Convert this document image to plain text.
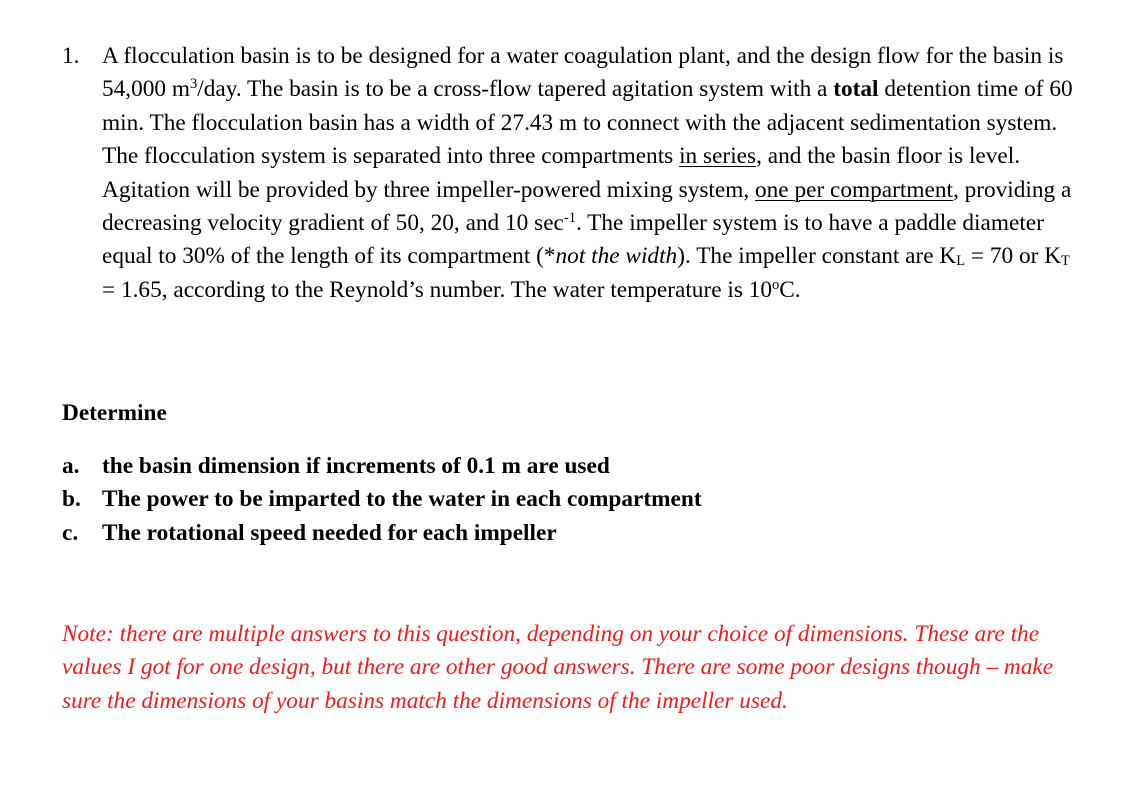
1. A flocculation basin is to be designed for a water coagulation plant, and the design flow for the basin is 54,000 $m^3$/day. The basin is to be a cross-flow tapered agitation system with a total detention time of 60 min. The flocculation basin has a width of 27.43 m to connect with the adjacent sedimentation system. The flocculation system is separated into three compartments in series, and the basin floor is level. Agitation will be provided by three impeller-powered mixing system, one per compartment, providing a decreasing velocity gradient of 50, 20, and 10 $\sec^{-1}$. The impeller system is to have a paddle diameter equal to 30% of the length of its compartment (*not the width). The impeller constant are $K_L = 70$ or $K_T = 1.65$, according to the Reynold’s number. The water temperature is 10$^o$C.
Determine
a. the basin dimension if increments of 0.1 m are used
b. The power to be imparted to the water in each compartment
c.	The rotational speed needed for each impeller
Note: there are multiple answers to this question, depending on your choice of dimensions. These are the values I got for one design, but there are other good answers. There are some poor designs though – make sure the dimensions of your basins match the dimensions of the impeller used.
